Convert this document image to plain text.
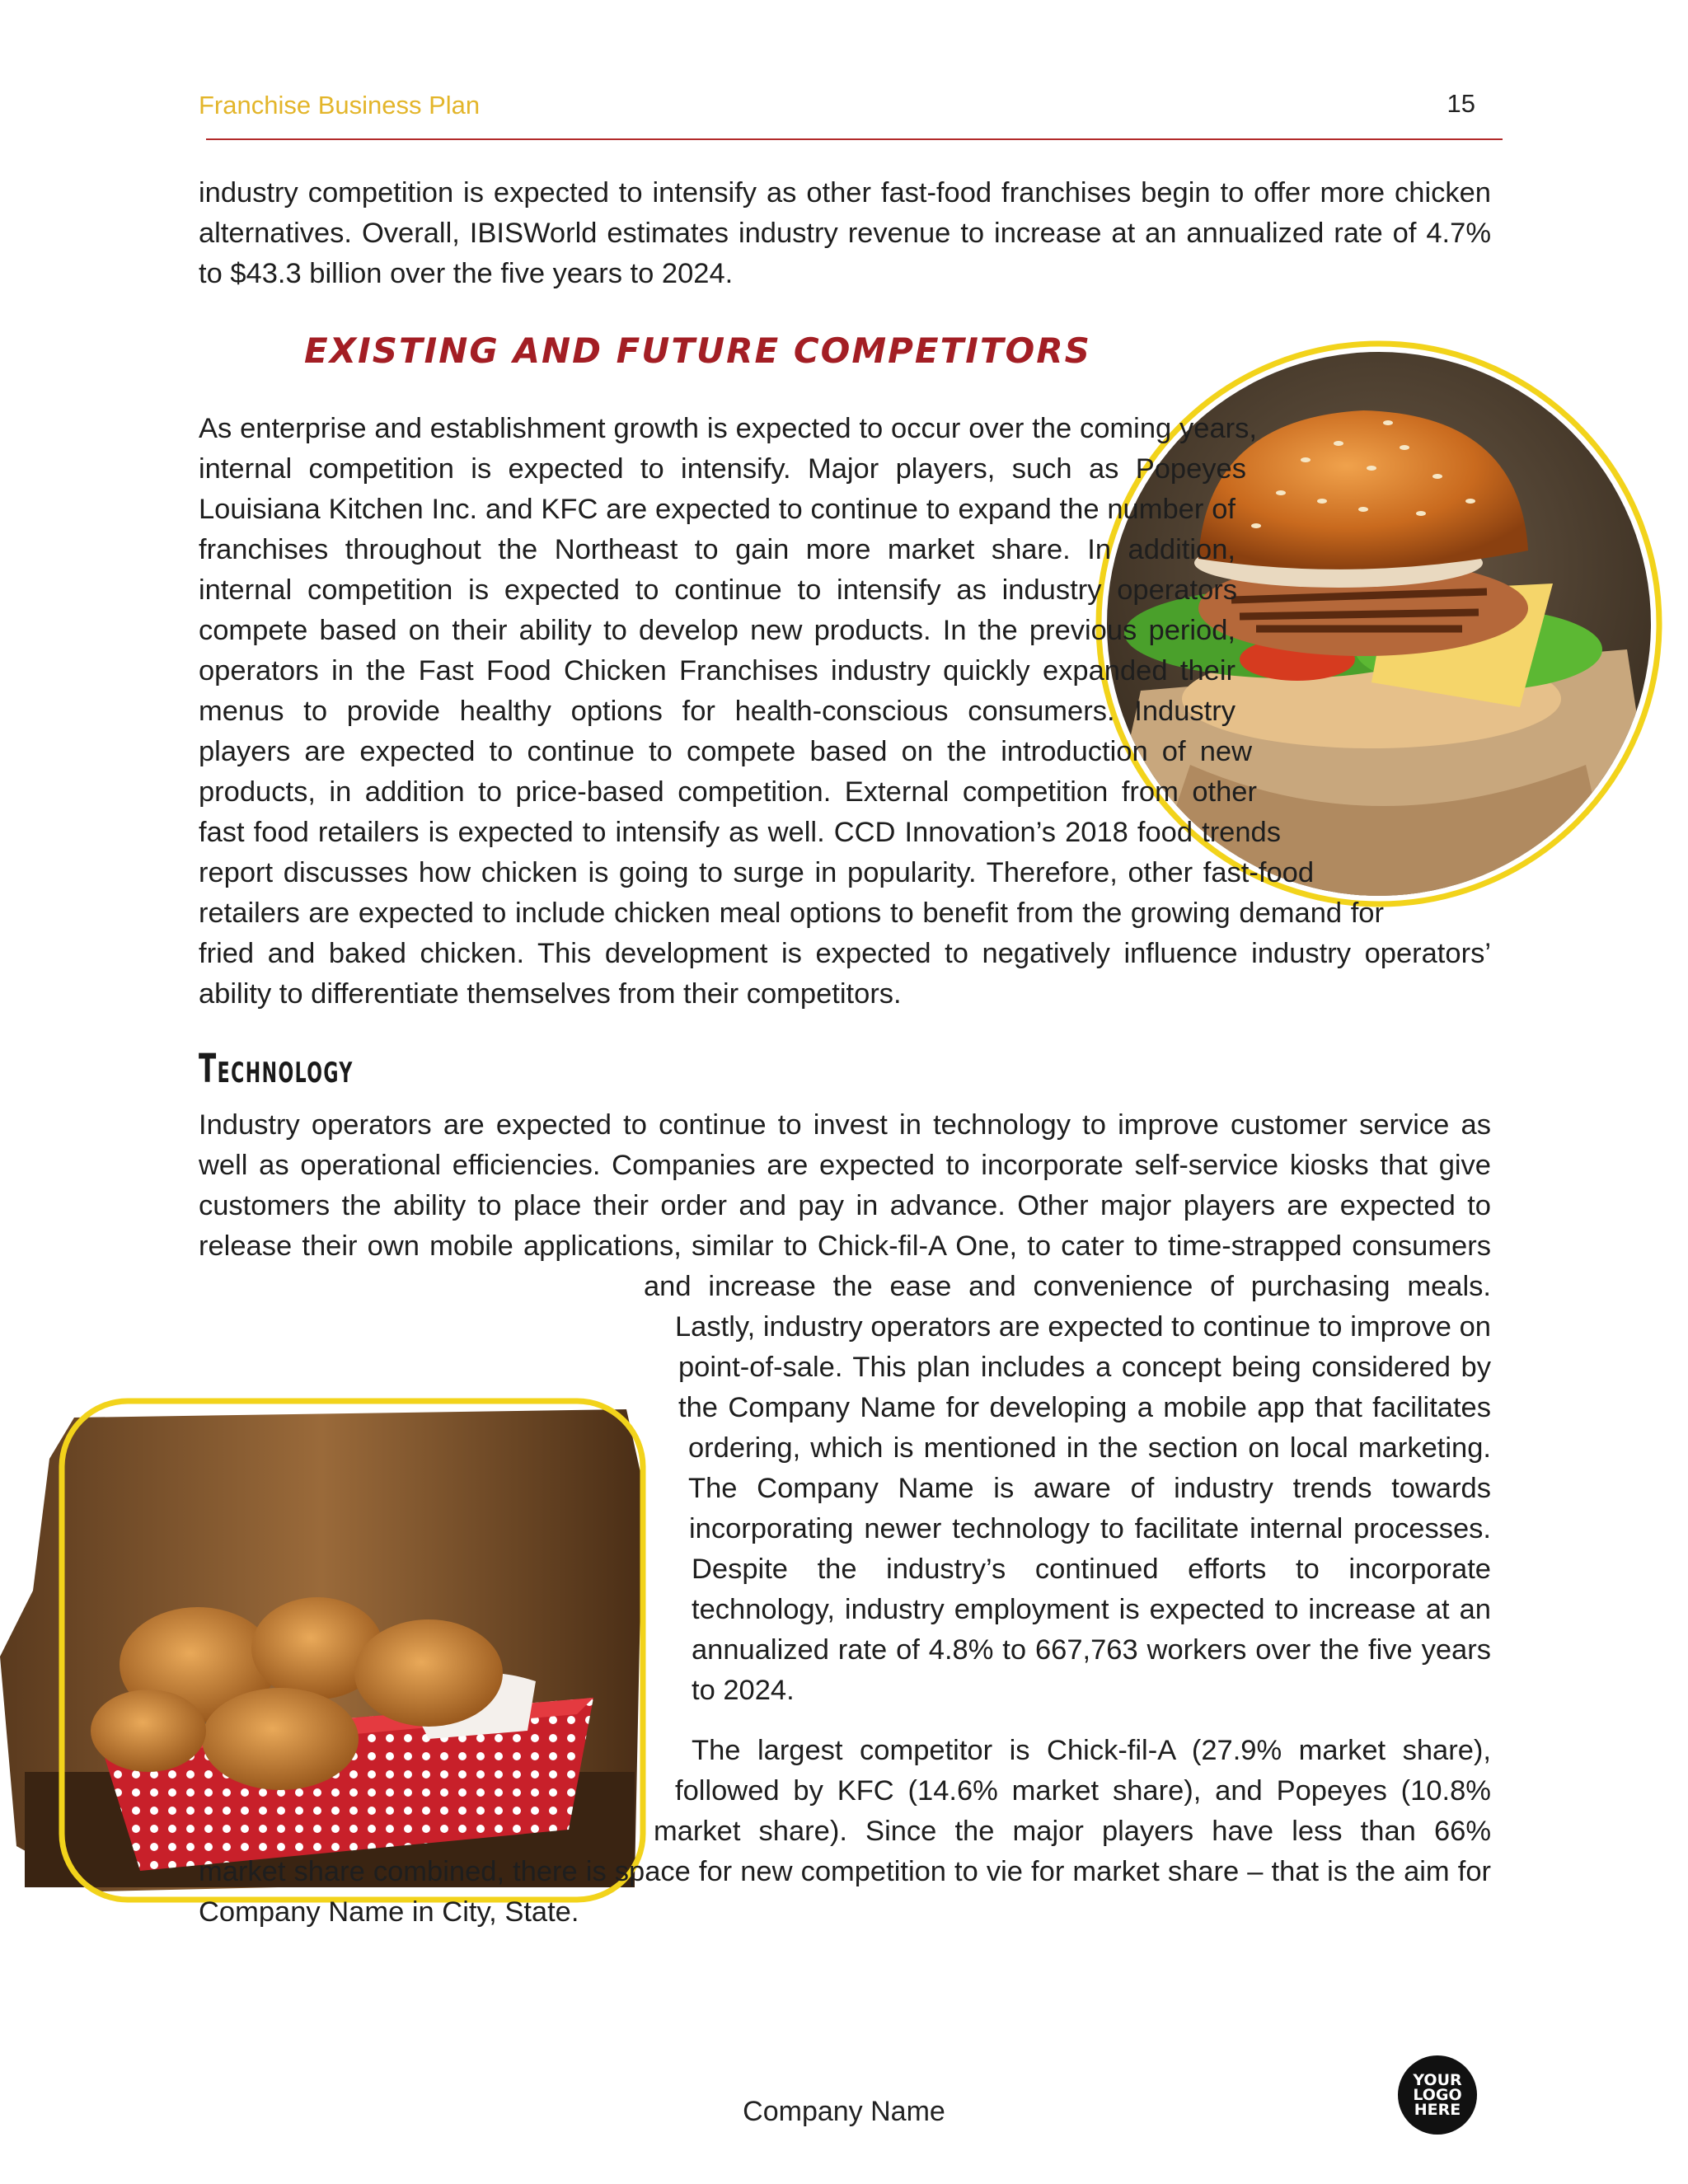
Franchise Business Plan	15

industry competition is expected to intensify as other fast-food franchises begin to offer more chicken alternatives. Overall, IBISWorld estimates industry revenue to increase at an annualized rate of 4.7% to $43.3 billion over the five years to 2024.

EXISTING AND FUTURE COMPETITORS

As enterprise and establishment growth is expected to occur over the coming years, internal competition is expected to intensify. Major players, such as Popeyes Louisiana Kitchen Inc. and KFC are expected to continue to expand the number of franchises throughout the Northeast to gain more market share. In addition, internal competition is expected to continue to intensify as industry operators compete based on their ability to develop new products. In the previous period, operators in the Fast Food Chicken Franchises industry quickly expanded their menus to provide healthy options for health-conscious consumers. Industry players are expected to continue to compete based on the introduction of new products, in addition to price-based competition. External competition from other fast food retailers is expected to intensify as well. CCD Innovation’s 2018 food trends report discusses how chicken is going to surge in popularity. Therefore, other fast-food retailers are expected to include chicken meal options to benefit from the growing demand for fried and baked chicken. This development is expected to negatively influence industry operators’ ability to differentiate themselves from their competitors.

Technology

Industry operators are expected to continue to invest in technology to improve customer service as well as operational efficiencies. Companies are expected to incorporate self-service kiosks that give customers the ability to place their order and pay in advance. Other major players are expected to release their own mobile applications, similar to Chick-fil-A One, to cater to time-strapped consumers and increase the ease and convenience of purchasing meals. Lastly, industry operators are expected to continue to improve on point-of-sale. This plan includes a concept being considered by the Company Name for developing a mobile app that facilitates ordering, which is mentioned in the section on local marketing. The Company Name is aware of industry trends towards incorporating newer technology to facilitate internal processes. Despite the industry’s continued efforts to incorporate technology, industry employment is expected to increase at an annualized rate of 4.8% to 667,763 workers over the five years to 2024.

The largest competitor is Chick-fil-A (27.9% market share), followed by KFC (14.6% market share), and Popeyes (10.8% market share). Since the major players have less than 66% market share combined, there is space for new competition to vie for market share – that is the aim for Company Name in City, State.

Company Name
YOUR
LOGO
HERE
